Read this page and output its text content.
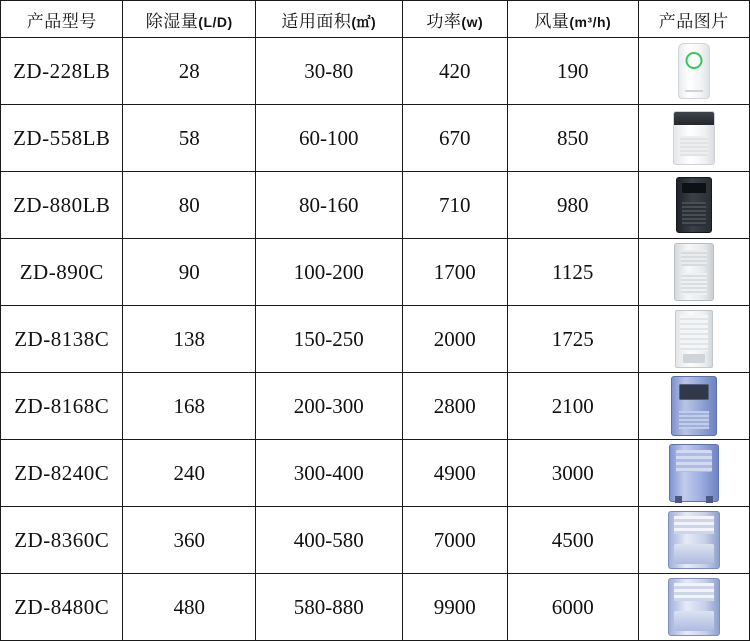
产品型号	除湿量(L/D)	适用面积(㎡)	功率(w)	风量(m³/h)	产品图片
ZD-228LB	28	30-80	420	190	

ZD-558LB	58	60-100	670	850	

ZD-880LB	80	80-160	710	980	

ZD-890C	90	100-200	1700	1125	

ZD-8138C	138	150-250	2000	1725	

ZD-8168C	168	200-300	2800	2100	

ZD-8240C	240	300-400	4900	3000	

ZD-8360C	360	400-580	7000	4500	

ZD-8480C	480	580-880	9900	6000	
